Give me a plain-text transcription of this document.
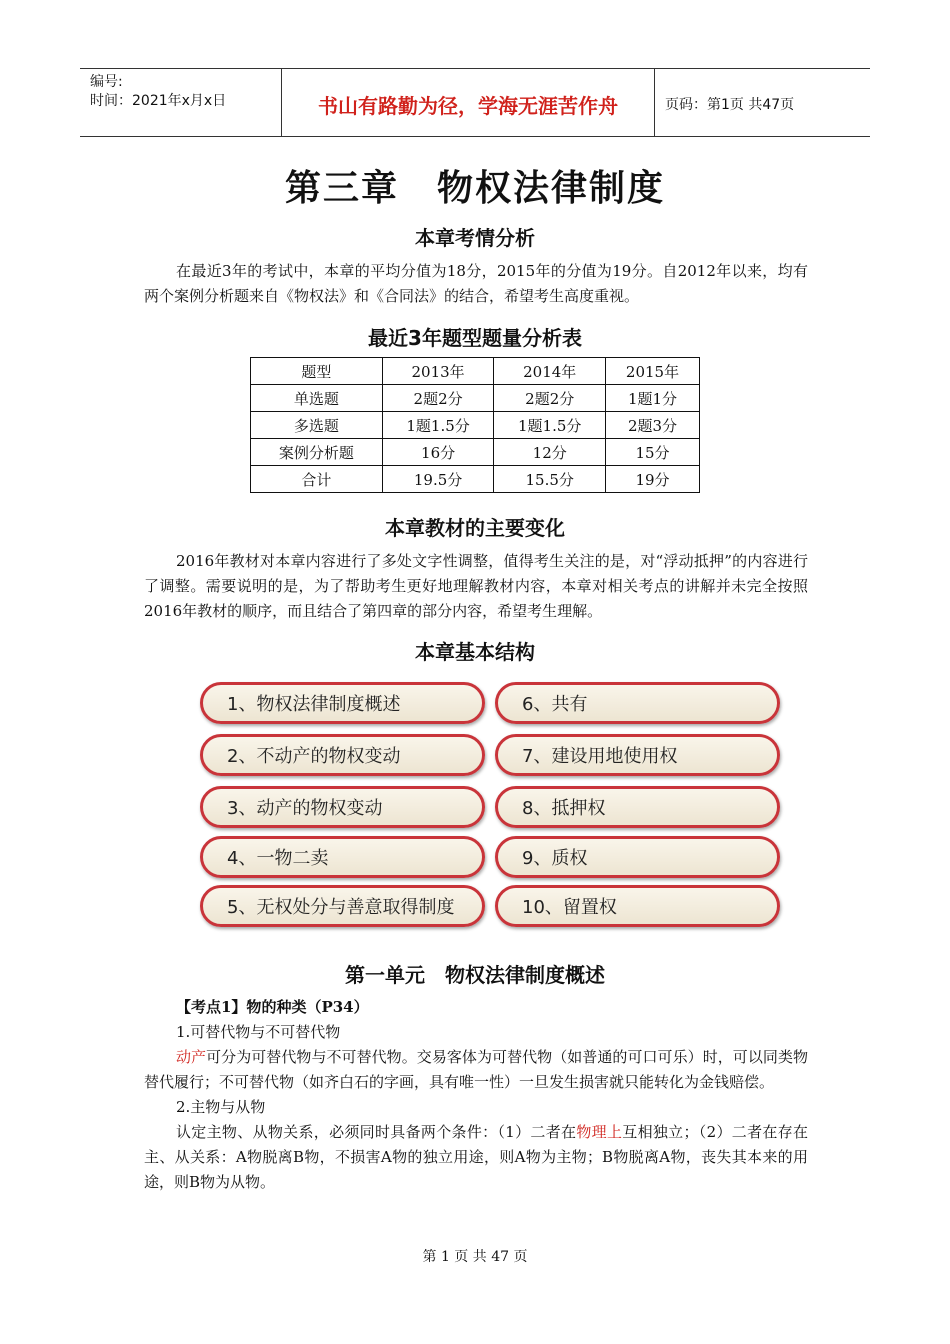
编号:
时间：2021年x月x日	书山有路勤为径，学海无涯苦作舟	页码：第1页 共47页
第三章　物权法律制度
本章考情分析

在最近3年的考试中，本章的平均分值为18分，2015年的分值为19分。自2012年以来，均有两个案例分析题来自《物权法》和《合同法》的结合，希望考生高度重视。

最近3年题型题量分析表
题型	2013年	2014年	2015年
单选题	2题2分	2题2分	1题1分
多选题	1题1.5分	1题1.5分	2题3分
案例分析题	16分	12分	15分
合计	19.5分	15.5分	19分
本章教材的主要变化

2016年教材对本章内容进行了多处文字性调整，值得考生关注的是，对“浮动抵押”的内容进行了调整。需要说明的是，为了帮助考生更好地理解教材内容，本章对相关考点的讲解并未完全按照2016年教材的顺序，而且结合了第四章的部分内容，希望考生理解。

本章基本结构
1、物权法律制度概述
2、不动产的物权变动
3、动产的物权变动
4、一物二卖
5、无权处分与善意取得制度
6、共有
7、建设用地使用权
8、抵押权
9、质权
10、留置权
第一单元　物权法律制度概述
【考点1】物的种类（P34）

1.可替代物与不可替代物

动产可分为可替代物与不可替代物。交易客体为可替代物（如普通的可口可乐）时，可以同类物替代履行；不可替代物（如齐白石的字画，具有唯一性）一旦发生损害就只能转化为金钱赔偿。

2.主物与从物

认定主物、从物关系，必须同时具备两个条件：（1）二者在物理上互相独立；（2）二者在存在主、从关系：A物脱离B物，不损害A物的独立用途，则A物为主物；B物脱离A物，丧失其本来的用途，则B物为从物。

第 1 页 共 47 页
